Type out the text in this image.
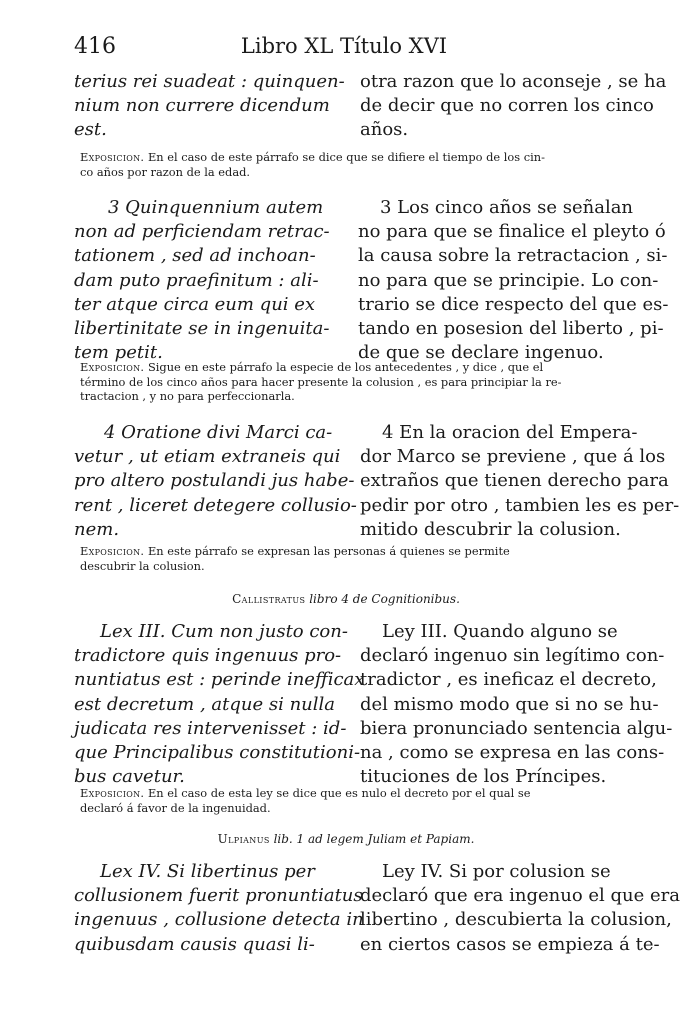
416	Libro XL Título XVI
terius rei suadeat : quinquen-
nium non currere dicendum
est.
otra razon que lo aconseje , se ha
de decir que no corren los cinco
años.
Exposicion. En el caso de este párrafo se dice que se difiere el tiempo de los cin-
co años por razon de la edad.
3 Quinquennium autem
non ad perficiendam retrac-
tationem , sed ad inchoan-
dam puto praefinitum : ali-
ter atque circa eum qui ex
libertinitate se in ingenuita-
tem petit.
3 Los cinco años se señalan
no para que se finalice el pleyto ó
la causa sobre la retractacion , si-
no para que se principie. Lo con-
trario se dice respecto del que es-
tando en posesion del liberto , pi-
de que se declare ingenuo.
Exposicion. Sigue en este párrafo la especie de los antecedentes , y dice , que el
término de los cinco años para hacer presente la colusion , es para principiar la re-
tractacion , y no para perfeccionarla.
4 Oratione divi Marci ca-
vetur , ut etiam extraneis qui
pro altero postulandi jus habe-
rent , liceret detegere collusio-
nem.
4 En la oracion del Empera-
dor Marco se previene , que á los
extraños que tienen derecho para
pedir por otro , tambien les es per-
mitido descubrir la colusion.
Exposicion. En este párrafo se expresan las personas á quienes se permite
descubrir la colusion.
Callistratus libro 4 de Cognitionibus.
Lex III. Cum non justo con-
tradictore quis ingenuus pro-
nuntiatus est : perinde inefficax
est decretum , atque si nulla
judicata res intervenisset : id-
que Principalibus constitutioni-
bus cavetur.
Ley III. Quando alguno se
declaró ingenuo sin legítimo con-
tradictor , es ineficaz el decreto,
del mismo modo que si no se hu-
biera pronunciado sentencia algu-
na , como se expresa en las cons-
tituciones de los Príncipes.
Exposicion. En el caso de esta ley se dice que es nulo el decreto por el qual se
declaró á favor de la ingenuidad.
Ulpianus lib. 1 ad legem Juliam et Papiam.
Lex IV. Si libertinus per
collusionem fuerit pronuntiatus
ingenuus , collusione detecta in
quibusdam causis quasi li-
Ley IV. Si por colusion se
declaró que era ingenuo el que era
libertino , descubierta la colusion,
en ciertos casos se empieza á te-
